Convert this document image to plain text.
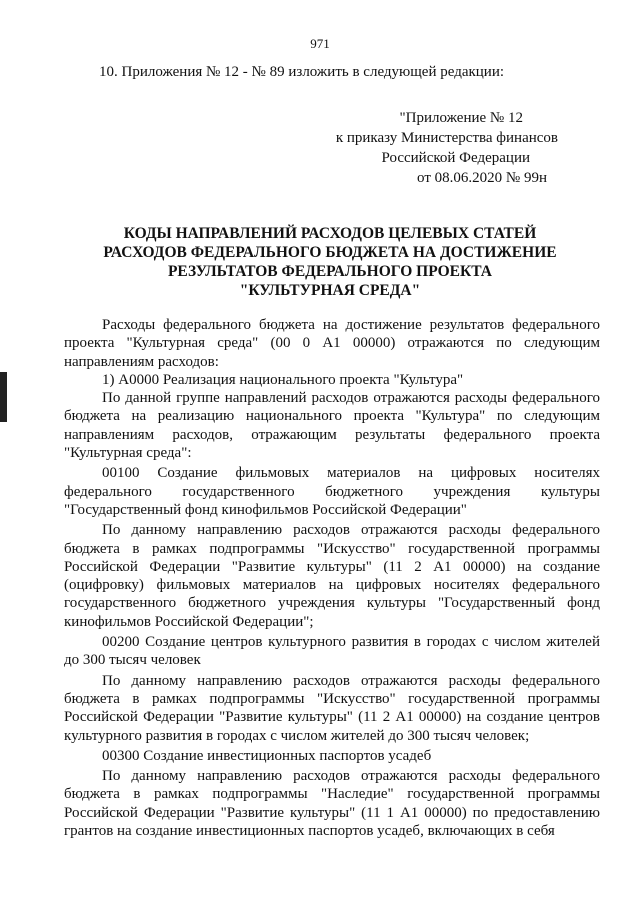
971
10. Приложения № 12 - № 89 изложить в следующей редакции:
"Приложение № 12
к приказу Министерства финансов
Российской Федерации
от 08.06.2020 № 99н
КОДЫ НАПРАВЛЕНИЙ РАСХОДОВ ЦЕЛЕВЫХ СТАТЕЙ
РАСХОДОВ ФЕДЕРАЛЬНОГО БЮДЖЕТА НА ДОСТИЖЕНИЕ
РЕЗУЛЬТАТОВ ФЕДЕРАЛЬНОГО ПРОЕКТА
"КУЛЬТУРНАЯ СРЕДА"

Расходы федерального бюджета на достижение результатов федерального проекта "Культурная среда" (00 0 А1 00000) отражаются по следующим направлениям расходов:

1) А0000 Реализация национального проекта "Культура"

По данной группе направлений расходов отражаются расходы федерального бюджета на реализацию национального проекта "Культура" по следующим направлениям расходов, отражающим результаты федерального проекта "Культурная среда":

00100 Создание фильмовых материалов на цифровых носителях федерального государственного бюджетного учреждения культуры "Государственный фонд кинофильмов Российской Федерации"

По данному направлению расходов отражаются расходы федерального бюджета в рамках подпрограммы "Искусство" государственной программы Российской Федерации "Развитие культуры" (11 2 А1 00000) на создание (оцифровку) фильмовых материалов на цифровых носителях федерального государственного бюджетного учреждения культуры "Государственный фонд кинофильмов Российской Федерации";

00200 Создание центров культурного развития в городах с числом жителей до 300 тысяч человек

По данному направлению расходов отражаются расходы федерального бюджета в рамках подпрограммы "Искусство" государственной программы Российской Федерации "Развитие культуры" (11 2 А1 00000) на создание центров культурного развития в городах с числом жителей до 300 тысяч человек;

00300 Создание инвестиционных паспортов усадеб

По данному направлению расходов отражаются расходы федерального бюджета в рамках подпрограммы "Наследие" государственной программы Российской Федерации "Развитие культуры" (11 1 А1 00000) по предоставлению грантов на создание инвестиционных паспортов усадеб, включающих в себя
